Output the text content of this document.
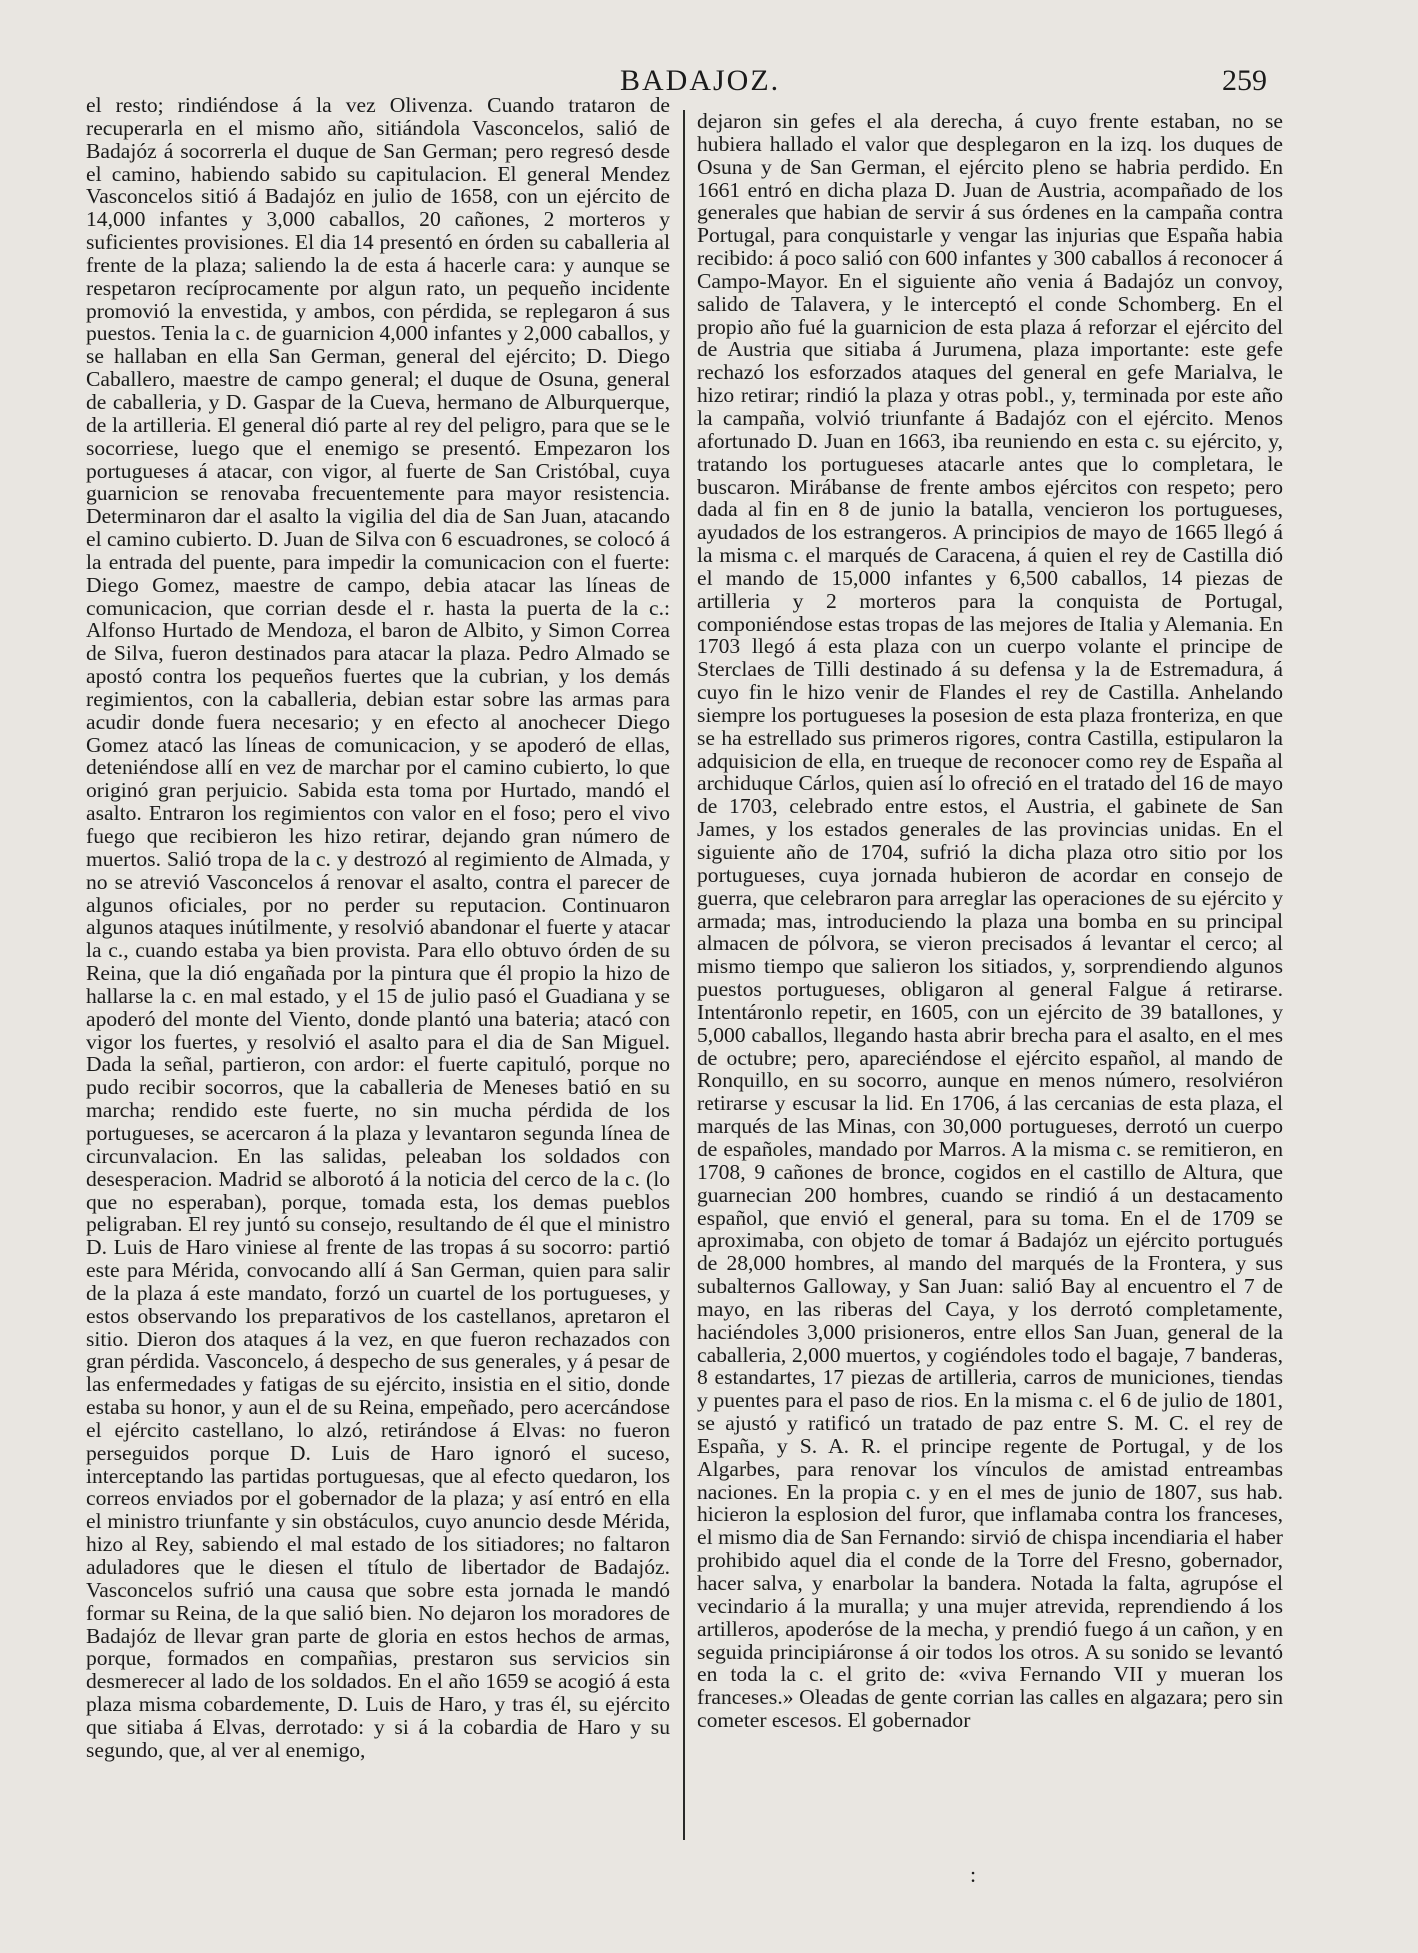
BADAJOZ.	259

el resto; rindiéndose á la vez Olivenza. Cuando trataron de recuperarla en el mismo año, sitiándola Vasconcelos, salió de Badajóz á socorrerla el duque de San German; pero regresó desde el camino, habiendo sabido su capitulacion. El general Mendez Vasconcelos sitió á Badajóz en julio de 1658, con un ejército de 14,000 infantes y 3,000 caballos, 20 cañones, 2 morteros y suficientes provisiones. El dia 14 presentó en órden su caballeria al frente de la plaza; saliendo la de esta á hacerle cara: y aunque se respetaron recíprocamente por algun rato, un pequeño incidente promovió la envestida, y ambos, con pérdida, se replegaron á sus puestos. Tenia la c. de guarnicion 4,000 infantes y 2,000 caballos, y se hallaban en ella San German, general del ejército; D. Diego Caballero, maestre de campo general; el duque de Osuna, general de caballeria, y D. Gaspar de la Cueva, hermano de Alburquerque, de la artilleria. El general dió parte al rey del peligro, para que se le socorriese, luego que el enemigo se presentó. Empezaron los portugueses á atacar, con vigor, al fuerte de San Cristóbal, cuya guarnicion se renovaba frecuentemente para mayor resistencia. Determinaron dar el asalto la vigilia del dia de San Juan, atacando el camino cubierto. D. Juan de Silva con 6 escuadrones, se colocó á la entrada del puente, para impedir la comunicacion con el fuerte: Diego Gomez, maestre de campo, debia atacar las líneas de comunicacion, que corrian desde el r. hasta la puerta de la c.: Alfonso Hurtado de Mendoza, el baron de Albito, y Simon Correa de Silva, fueron destinados para atacar la plaza. Pedro Almado se apostó contra los pequeños fuertes que la cubrian, y los demás regimientos, con la caballeria, debian estar sobre las armas para acudir donde fuera necesario; y en efecto al anochecer Diego Gomez atacó las líneas de comunicacion, y se apoderó de ellas, deteniéndose allí en vez de marchar por el camino cubierto, lo que originó gran perjuicio. Sabida esta toma por Hurtado, mandó el asalto. Entraron los regimientos con valor en el foso; pero el vivo fuego que recibieron les hizo retirar, dejando gran número de muertos. Salió tropa de la c. y destrozó al regimiento de Almada, y no se atrevió Vasconcelos á renovar el asalto, contra el parecer de algunos oficiales, por no perder su reputacion. Continuaron algunos ataques inútilmente, y resolvió abandonar el fuerte y atacar la c., cuando estaba ya bien provista. Para ello obtuvo órden de su Reina, que la dió engañada por la pintura que él propio la hizo de hallarse la c. en mal estado, y el 15 de julio pasó el Guadiana y se apoderó del monte del Viento, donde plantó una bateria; atacó con vigor los fuertes, y resolvió el asalto para el dia de San Miguel. Dada la señal, partieron, con ardor: el fuerte capituló, porque no pudo recibir socorros, que la caballeria de Meneses batió en su marcha; rendido este fuerte, no sin mucha pérdida de los portugueses, se acercaron á la plaza y levantaron segunda línea de circunvalacion. En las salidas, peleaban los soldados con desesperacion. Madrid se alborotó á la noticia del cerco de la c. (lo que no esperaban), porque, tomada esta, los demas pueblos peligraban. El rey juntó su consejo, resultando de él que el ministro D. Luis de Haro viniese al frente de las tropas á su socorro: partió este para Mérida, convocando allí á San German, quien para salir de la plaza á este mandato, forzó un cuartel de los portugueses, y estos observando los preparativos de los castellanos, apretaron el sitio. Dieron dos ataques á la vez, en que fueron rechazados con gran pérdida. Vasconcelo, á despecho de sus generales, y á pesar de las enfermedades y fatigas de su ejército, insistia en el sitio, donde estaba su honor, y aun el de su Reina, empeñado, pero acercándose el ejército castellano, lo alzó, retirándose á Elvas: no fueron perseguidos porque D. Luis de Haro ignoró el suceso, interceptando las partidas portuguesas, que al efecto quedaron, los correos enviados por el gobernador de la plaza; y así entró en ella el ministro triunfante y sin obstáculos, cuyo anuncio desde Mérida, hizo al Rey, sabiendo el mal estado de los sitiadores; no faltaron aduladores que le diesen el título de libertador de Badajóz. Vasconcelos sufrió una causa que sobre esta jornada le mandó formar su Reina, de la que salió bien. No dejaron los moradores de Badajóz de llevar gran parte de gloria en estos hechos de armas, porque, formados en compañias, prestaron sus servicios sin desmerecer al lado de los soldados. En el año 1659 se acogió á esta plaza misma cobardemente, D. Luis de Haro, y tras él, su ejército que sitiaba á Elvas, derrotado: y si á la cobardia de Haro y su segundo, que, al ver al enemigo,

dejaron sin gefes el ala derecha, á cuyo frente estaban, no se hubiera hallado el valor que desplegaron en la izq. los duques de Osuna y de San German, el ejército pleno se habria perdido. En 1661 entró en dicha plaza D. Juan de Austria, acompañado de los generales que habian de servir á sus órdenes en la campaña contra Portugal, para conquistarle y vengar las injurias que España habia recibido: á poco salió con 600 infantes y 300 caballos á reconocer á Campo-Mayor. En el siguiente año venia á Badajóz un convoy, salido de Talavera, y le interceptó el conde Schomberg. En el propio año fué la guarnicion de esta plaza á reforzar el ejército del de Austria que sitiaba á Jurumena, plaza importante: este gefe rechazó los esforzados ataques del general en gefe Marialva, le hizo retirar; rindió la plaza y otras pobl., y, terminada por este año la campaña, volvió triunfante á Badajóz con el ejército. Menos afortunado D. Juan en 1663, iba reuniendo en esta c. su ejército, y, tratando los portugueses atacarle antes que lo completara, le buscaron. Mirábanse de frente ambos ejércitos con respeto; pero dada al fin en 8 de junio la batalla, vencieron los portugueses, ayudados de los estrangeros. A principios de mayo de 1665 llegó á la misma c. el marqués de Caracena, á quien el rey de Castilla dió el mando de 15,000 infantes y 6,500 caballos, 14 piezas de artilleria y 2 morteros para la conquista de Portugal, componiéndose estas tropas de las mejores de Italia y Alemania. En 1703 llegó á esta plaza con un cuerpo volante el principe de Sterclaes de Tilli destinado á su defensa y la de Estremadura, á cuyo fin le hizo venir de Flandes el rey de Castilla. Anhelando siempre los portugueses la posesion de esta plaza fronteriza, en que se ha estrellado sus primeros rigores, contra Castilla, estipularon la adquisicion de ella, en trueque de reconocer como rey de España al archiduque Cárlos, quien así lo ofreció en el tratado del 16 de mayo de 1703, celebrado entre estos, el Austria, el gabinete de San James, y los estados generales de las provincias unidas. En el siguiente año de 1704, sufrió la dicha plaza otro sitio por los portugueses, cuya jornada hubieron de acordar en consejo de guerra, que celebraron para arreglar las operaciones de su ejército y armada; mas, introduciendo la plaza una bomba en su principal almacen de pólvora, se vieron precisados á levantar el cerco; al mismo tiempo que salieron los sitiados, y, sorprendiendo algunos puestos portugueses, obligaron al general Falgue á retirarse. Intentáronlo repetir, en 1605, con un ejército de 39 batallones, y 5,000 caballos, llegando hasta abrir brecha para el asalto, en el mes de octubre; pero, apareciéndose el ejército español, al mando de Ronquillo, en su socorro, aunque en menos número, resolviéron retirarse y escusar la lid. En 1706, á las cercanias de esta plaza, el marqués de las Minas, con 30,000 portugueses, derrotó un cuerpo de españoles, mandado por Marros. A la misma c. se remitieron, en 1708, 9 cañones de bronce, cogidos en el castillo de Altura, que guarnecian 200 hombres, cuando se rindió á un destacamento español, que envió el general, para su toma. En el de 1709 se aproximaba, con objeto de tomar á Badajóz un ejército portugués de 28,000 hombres, al mando del marqués de la Frontera, y sus subalternos Galloway, y San Juan: salió Bay al encuentro el 7 de mayo, en las riberas del Caya, y los derrotó completamente, haciéndoles 3,000 prisioneros, entre ellos San Juan, general de la caballeria, 2,000 muertos, y cogiéndoles todo el bagaje, 7 banderas, 8 estandartes, 17 piezas de artilleria, carros de municiones, tiendas y puentes para el paso de rios. En la misma c. el 6 de julio de 1801, se ajustó y ratificó un tratado de paz entre S. M. C. el rey de España, y S. A. R. el principe regente de Portugal, y de los Algarbes, para renovar los vínculos de amistad entreambas naciones. En la propia c. y en el mes de junio de 1807, sus hab. hicieron la esplosion del furor, que inflamaba contra los franceses, el mismo dia de San Fernando: sirvió de chispa incendiaria el haber prohibido aquel dia el conde de la Torre del Fresno, gobernador, hacer salva, y enarbolar la bandera. Notada la falta, agrupóse el vecindario á la muralla; y una mujer atrevida, reprendiendo á los artilleros, apoderóse de la mecha, y prendió fuego á un cañon, y en seguida principiáronse á oir todos los otros. A su sonido se levantó en toda la c. el grito de: «viva Fernando VII y mueran los franceses.» Oleadas de gente corrian las calles en algazara; pero sin cometer escesos. El gobernador

:
